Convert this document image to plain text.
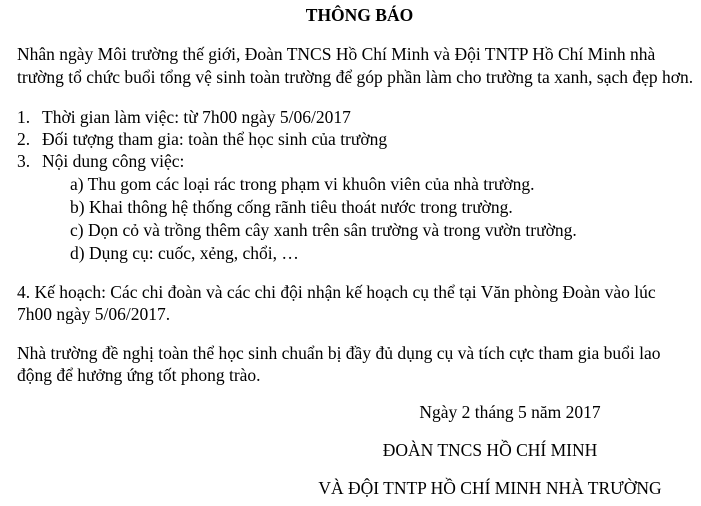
THÔNG BÁO
Nhân ngày Môi trường thế giới, Đoàn TNCS Hồ Chí Minh và Đội TNTP Hồ Chí Minh nhà
trường tổ chức buổi tổng vệ sinh toàn trường để góp phần làm cho trường ta xanh, sạch đẹp hơn.
1. Thời gian làm việc: từ 7h00 ngày 5/06/2017
2. Đối tượng tham gia: toàn thể học sinh của trường
3. Nội dung công việc:
a) Thu gom các loại rác trong phạm vi khuôn viên của nhà trường.
b) Khai thông hệ thống cống rãnh tiêu thoát nước trong trường.
c) Dọn cỏ và trồng thêm cây xanh trên sân trường và trong vườn trường.
d) Dụng cụ: cuốc, xẻng, chổi, …
4. Kế hoạch: Các chi đoàn và các chi đội nhận kế hoạch cụ thể tại Văn phòng Đoàn vào lúc
7h00 ngày 5/06/2017.
Nhà trường đề nghị toàn thể học sinh chuẩn bị đầy đủ dụng cụ và tích cực tham gia buổi lao
động để hưởng ứng tốt phong trào.
Ngày 2 tháng 5 năm 2017
ĐOÀN TNCS HỒ CHÍ MINH
VÀ ĐỘI TNTP HỒ CHÍ MINH NHÀ TRƯỜNG
